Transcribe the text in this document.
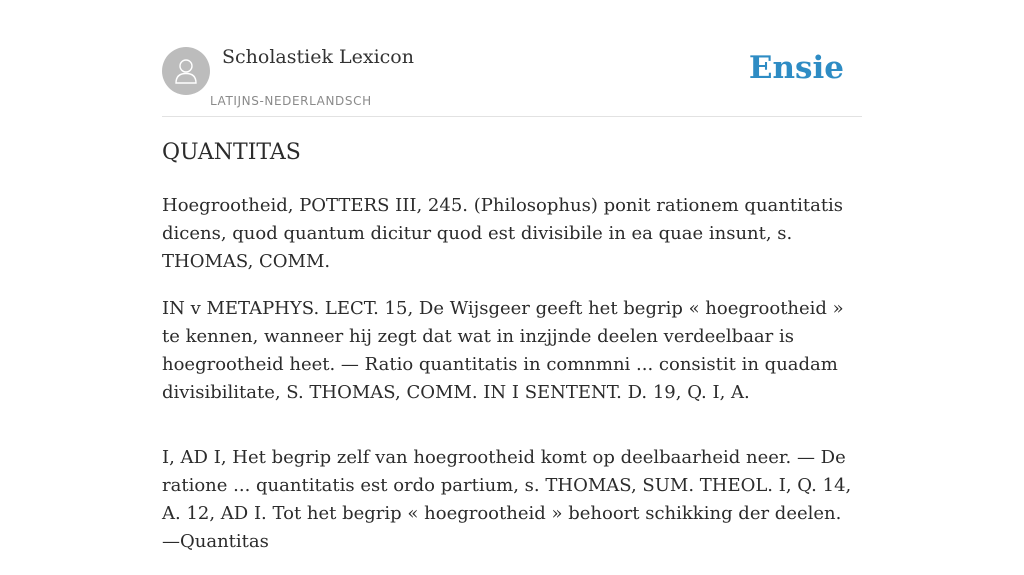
Scholastiek Lexicon
LATIJNS-NEDERLANDSCH
Ensie
QUANTITAS

Hoegrootheid, POTTERS III, 245. (Philosophus) ponit rationem quantitatis dicens, quod quantum dicitur quod est divisibile in ea quae insunt, s. THOMAS, COMM.

IN v METAPHYS. LECT. 15, De Wijsgeer geeft het begrip « hoegrootheid » te kennen, wanneer hij zegt dat wat in inzjjnde deelen verdeelbaar is hoegrootheid heet. — Ratio quantitatis in comnmni ... consistit in quadam divisibilitate, S. THOMAS, COMM. IN I SENTENT. D. 19, Q. I, A.

I, AD I, Het begrip zelf van hoegrootheid komt op deelbaarheid neer. — De ratione ... quantitatis est ordo partium, s. THOMAS, SUM. THEOL. I, Q. 14, A. 12, AD I. Tot het begrip « hoegrootheid » behoort schikking der deelen. —Quantitas
